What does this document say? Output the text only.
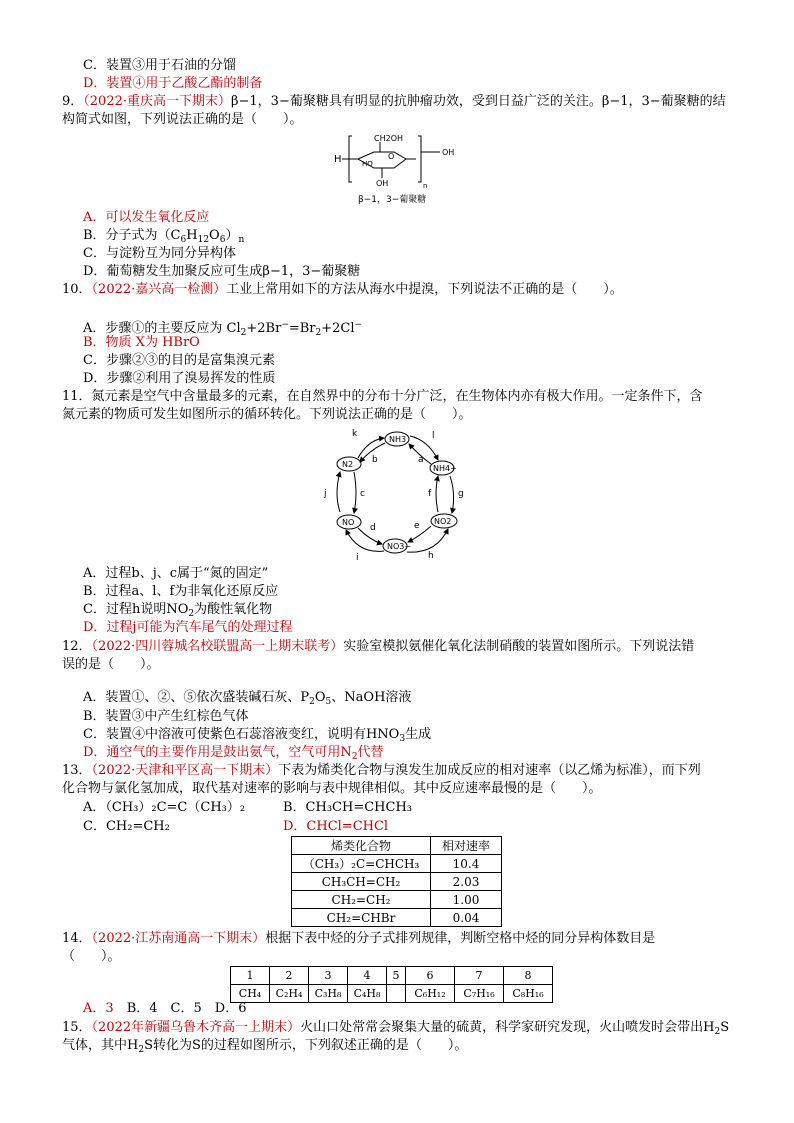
C．装置③用于石油的分馏
D．装置④用于乙酸乙酯的制备
9．（2022·重庆高一下期末）β−1，3−葡聚糖具有明显的抗肿瘤功效，受到日益广泛的关注。β−1，3−葡聚糖的结
构简式如图，下列说法正确的是（　　）。
H	O
CH2OH
HO
OH
OH
n
β−1，3−葡聚糖
A．可以发生氧化反应
B．分子式为$(C_6H_{12}O_6)_n$
C．与淀粉互为同分异构体
D．葡萄糖发生加聚反应可生成β−1，3−葡聚糖
10．（2022·嘉兴高一检测）工业上常用如下的方法从海水中提溴，下列说法不正确的是（　　）。
A．步骤①的主要反应为 $Cl_2+2Br^-=Br_2+2Cl^-$
B．物质 X为 HBrO
C．步骤②③的目的是富集溴元素
D．步骤②利用了溴易挥发的性质
11．氮元素是空气中含量最多的元素，在自然界中的分布十分广泛，在生物体内亦有极大作用。一定条件下，含
氮元素的物质可发生如图所示的循环转化。下列说法正确的是（　　）。
NH3
N2	NH4+
NO	NO2
NO3−
k
b
l
a
j	c	f	g
d
i
e
h
A．过程b、j、c属于“氮的固定”
B．过程a、l、f为非氧化还原反应
C．过程h说明$NO_2$为酸性氧化物
D．过程j可能为汽车尾气的处理过程
12．（2022·四川蓉城名校联盟高一上期末联考）实验室模拟氨催化氧化法制硝酸的装置如图所示。下列说法错
误的是（　　）。
A．装置①、②、⑤依次盛装碱石灰、$P_2O_5$、NaOH溶液
B．装置③中产生红棕色气体
C．装置④中溶液可使紫色石蕊溶液变红，说明有$HNO_3$生成
D．通空气的主要作用是鼓出氨气，空气可用$N_2$代替
13．（2022·天津和平区高一下期末）下表为烯类化合物与溴发生加成反应的相对速率（以乙烯为标准），而下列
化合物与氯化氢加成，取代基对速率的影响与表中规律相似。其中反应速率最慢的是（　　）。
A．（CH₃）₂C=C（CH₃）₂	B．CH₃CH=CHCH₃
C．CH₂=CH₂	D．CHCl=CHCl
烯类化合物	相对速率
（CH₃）₂C=CHCH₃	10.4
CH₃CH=CH₂	2.03
CH₂=CH₂	1.00
CH₂=CHBr	0.04
14．（2022·江苏南通高一下期末）根据下表中烃的分子式排列规律，判断空格中烃的同分异构体数目是
（　　）。
1	2	3	4	5	6	7	8
CH₄	C₂H₄	C₃H₈	C₄H₈		C₆H₁₂	C₇H₁₆	C₈H₁₆
A．3　 B．4　 C．5　 D．6
15．（2022年新疆乌鲁木齐高一上期末）火山口处常常会聚集大量的硫黄，科学家研究发现，火山喷发时会带出$H_2S$
气体，其中$H_2S$转化为S的过程如图所示，下列叙述正确的是（　　）。
